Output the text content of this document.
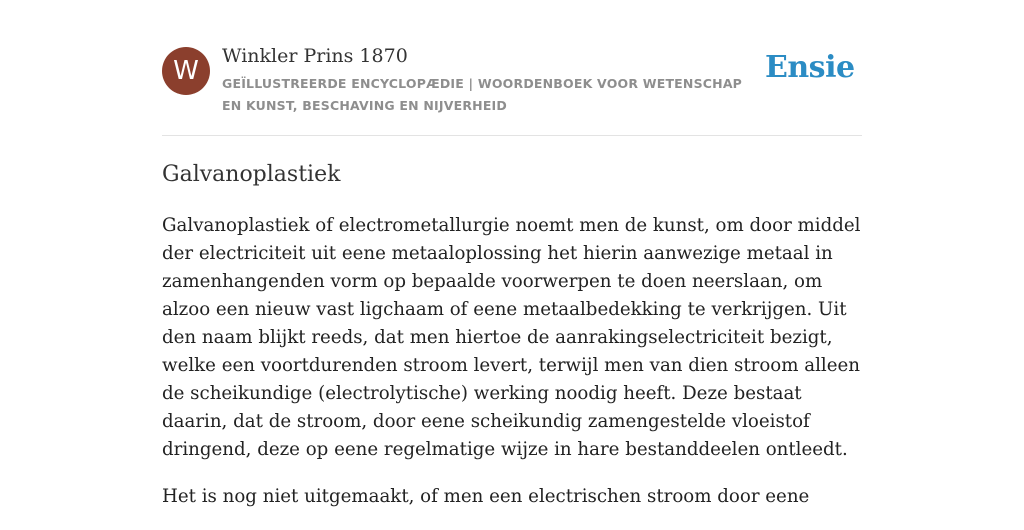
W	Winkler Prins 1870
GEÏLLUSTREERDE ENCYCLOPÆDIE | WOORDENBOEK VOOR WETENSCHAP EN KUNST, BESCHAVING EN NIJVERHEID
Ensie
Galvanoplastiek

Galvanoplastiek of electrometallurgie noemt men de kunst, om door middel der electriciteit uit eene metaaloplossing het hierin aanwezige metaal in zamenhangenden vorm op bepaalde voorwerpen te doen neerslaan, om alzoo een nieuw vast ligchaam of eene metaalbedekking te verkrijgen. Uit den naam blijkt reeds, dat men hiertoe de aanrakingselectriciteit bezigt, welke een voortdurenden stroom levert, terwijl men van dien stroom alleen de scheikundige (electrolytische) werking noodig heeft. Deze bestaat daarin, dat de stroom, door eene scheikundig zamengestelde vloeistof dringend, deze op eene regelmatige wijze in hare bestanddeelen ontleedt.

Het is nog niet uitgemaakt, of men een electrischen stroom door eene
